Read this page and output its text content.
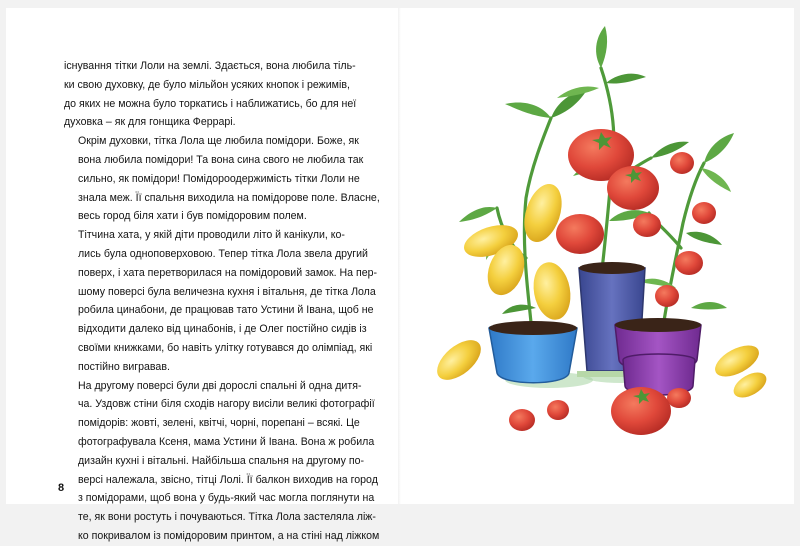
існування тітки Лоли на землі. Здається, вона любила тіль-
ки свою духовку, де було мільйон усяких кнопок і режимів,
до яких не можна було торкатись і наближатись, бо для неї
духовка – як для гонщика Феррарі.

Окрім духовки, тітка Лола ще любила помідори. Боже, як
вона любила помідори! Та вона сина свого не любила так
сильно, як помідори! Помідороодержимість тітки Лоли не
знала меж. Її спальня виходила на помідорове поле. Власне,
весь город біля хати і був помідоровим полем.

Тітчина хата, у якій діти проводили літо й канікули, ко-
лись була одноповерховою. Тепер тітка Лола звела другий
поверх, і хата перетворилася на помідоровий замок. На пер-
шому поверсі була величезна кухня і вітальня, де тітка Лола
робила цинабони, де працював тато Устини й Івана, щоб не
відходити далеко від цинабонів, і де Олег постійно сидів із
своїми книжками, бо навіть улітку готувався до олімпіад, які
постійно вигравав.

На другому поверсі були дві дорослі спальні й одна дитя-
ча. Уздовж стіни біля сходів нагору висіли великі фотографії
помідорів: жовті, зелені, квітчі, чорні, порепані – всякі. Це
фотографувала Ксеня, мама Устини й Івана. Вона ж робила
дизайн кухні і вітальні. Найбільша спальня на другому по-
версі належала, звісно, тітці Лолі. Її балкон виходив на город
з помідорами, щоб вона у будь-який час могла поглянути на
те, як вони ростуть і почуваються. Тітка Лола застеляла ліж-
ко покривалом із помідоровим принтом, а на стіні над ліжком

8
